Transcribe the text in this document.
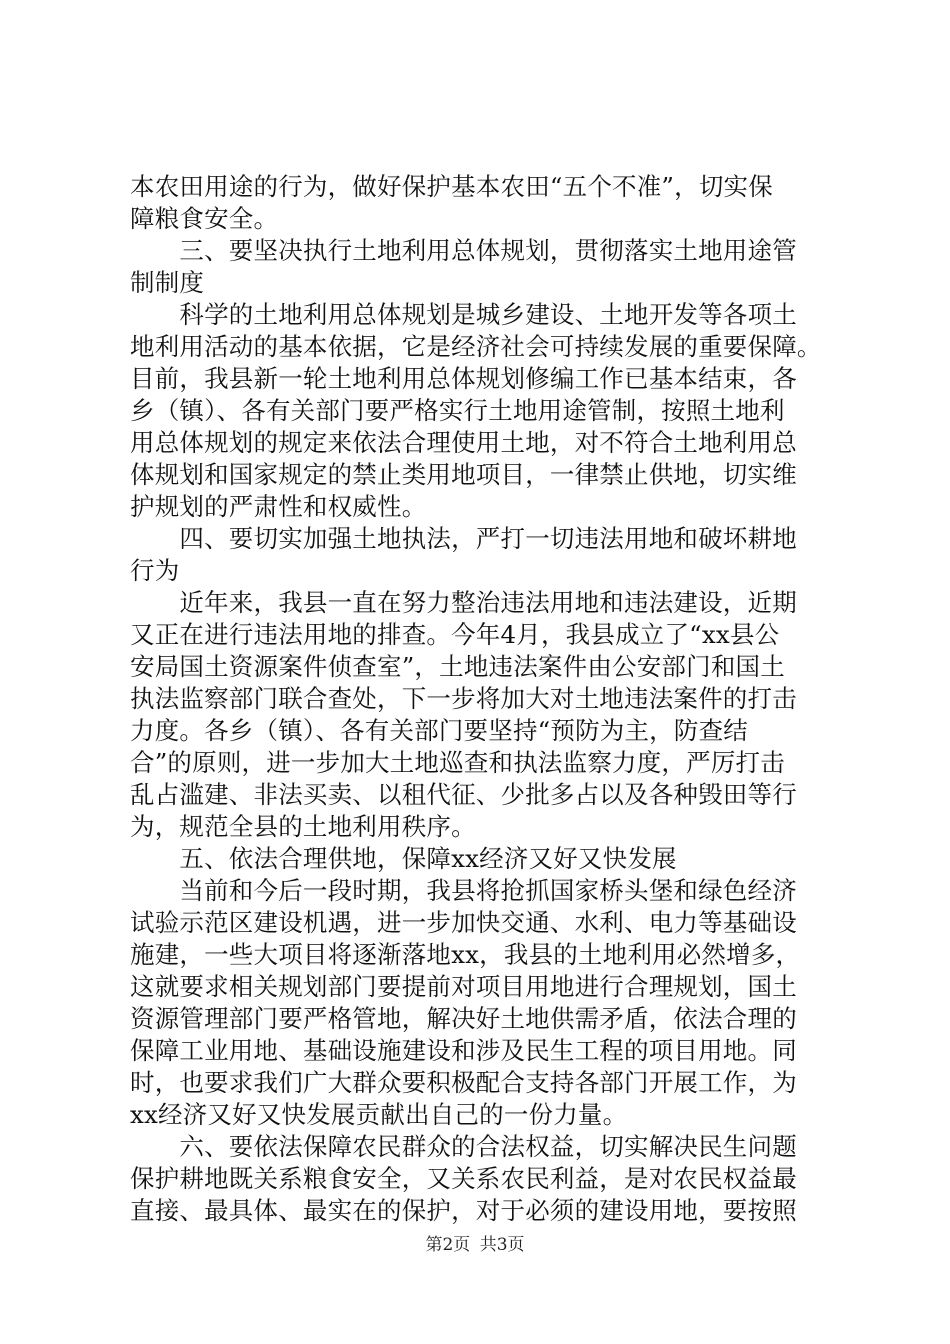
本农田用途的行为，做好保护基本农田“五个不准”，切实保
障粮食安全。
　　三、要坚决执行土地利用总体规划，贯彻落实土地用途管
制制度
　　科学的土地利用总体规划是城乡建设、土地开发等各项土
地利用活动的基本依据，它是经济社会可持续发展的重要保障。
目前，我县新一轮土地利用总体规划修编工作已基本结束，各
乡（镇）、各有关部门要严格实行土地用途管制，按照土地利
用总体规划的规定来依法合理使用土地，对不符合土地利用总
体规划和国家规定的禁止类用地项目，一律禁止供地，切实维
护规划的严肃性和权威性。
　　四、要切实加强土地执法，严打一切违法用地和破坏耕地
行为
　　近年来，我县一直在努力整治违法用地和违法建设，近期
又正在进行违法用地的排查。今年4月，我县成立了“xx县公
安局国土资源案件侦查室”，土地违法案件由公安部门和国土
执法监察部门联合查处，下一步将加大对土地违法案件的打击
力度。各乡（镇）、各有关部门要坚持“预防为主，防查结
合”的原则，进一步加大土地巡查和执法监察力度，严厉打击
乱占滥建、非法买卖、以租代征、少批多占以及各种毁田等行
为，规范全县的土地利用秩序。
　　五、依法合理供地，保障xx经济又好又快发展
　　当前和今后一段时期，我县将抢抓国家桥头堡和绿色经济
试验示范区建设机遇，进一步加快交通、水利、电力等基础设
施建，一些大项目将逐渐落地xx，我县的土地利用必然增多，
这就要求相关规划部门要提前对项目用地进行合理规划，国土
资源管理部门要严格管地，解决好土地供需矛盾，依法合理的
保障工业用地、基础设施建设和涉及民生工程的项目用地。同
时，也要求我们广大群众要积极配合支持各部门开展工作，为
xx经济又好又快发展贡献出自己的一份力量。
　　六、要依法保障农民群众的合法权益，切实解决民生问题
保护耕地既关系粮食安全，又关系农民利益，是对农民权益最
直接、最具体、最实在的保护，对于必须的建设用地，要按照
第2页 共3页
